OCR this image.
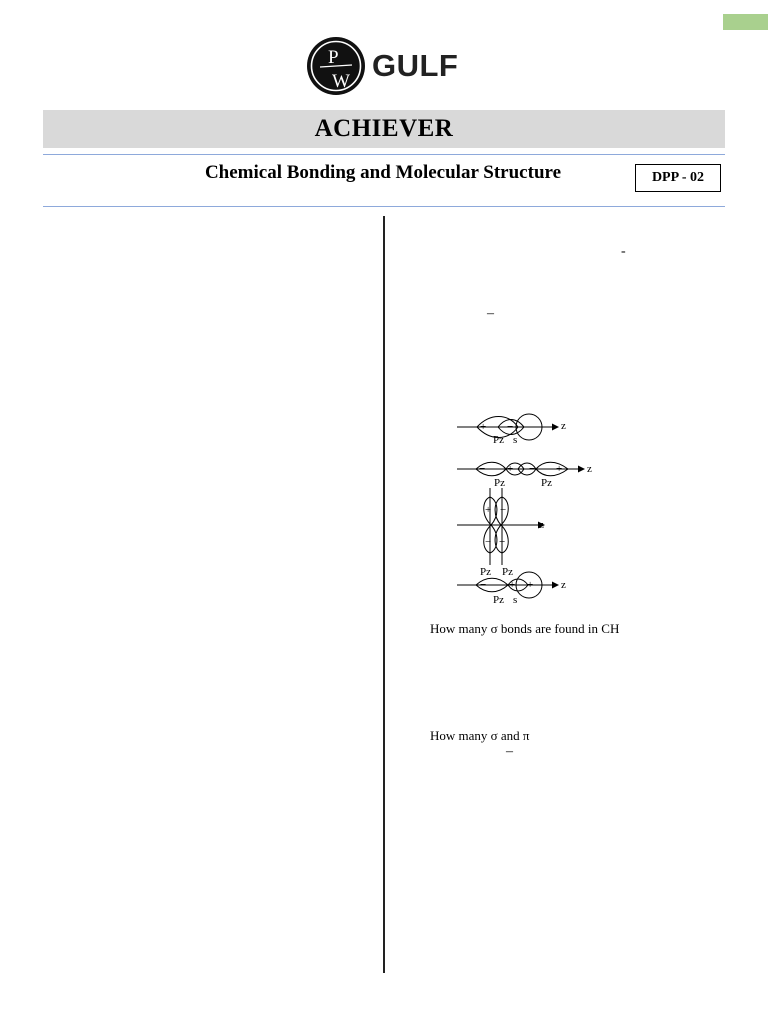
P
W GULF
ACHIEVER
Chemical Bonding and Molecular Structure	DPP - 02
-
–
z
+ −
Pz s
z
− + − +
Pz	Pz
z
+ −
− +
Pz Pz
z
− + +
Pz s
How many σ bonds are found in CH
How many σ and π
–
